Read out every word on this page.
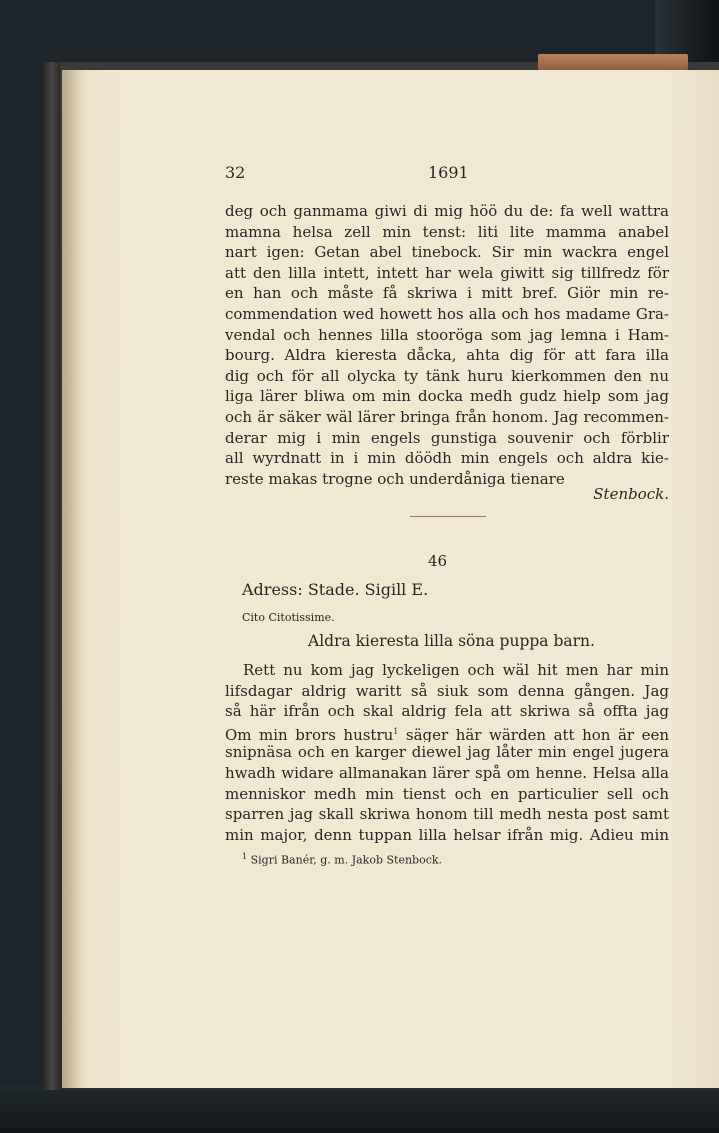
32	1691
deg och ganmama giwi di mig höö du de: fa well wattra
mamna helsa zell min tenst: liti lite mamma anabel
nart igen: Getan abel tinebock. Sir min wackra engel
att den lilla intett, intett har wela giwitt sig tillfredz för
en han och måste få skriwa i mitt bref. Giör min re-
commendation wed howett hos alla och hos madame Gra-
vendal och hennes lilla stooröga som jag lemna i Ham-
bourg. Aldra kieresta dåcka, ahta dig för att fara illa
dig och för all olycka ty tänk huru kierkommen den nu
liga lärer bliwa om min docka medh gudz hielp som jag
och är säker wäl lärer bringa från honom. Jag recommen-
derar mig i min engels gunstiga souvenir och förblir
all wyrdnatt in i min döödh min engels och aldra kie-
reste makas trogne och underdåniga tienare
Stenbock.
46
Adress: Stade. Sigill E.
Cito Citotissime.
Aldra kieresta lilla söna puppa barn.
Rett nu kom jag lyckeligen och wäl hit men har min
lifsdagar aldrig waritt så siuk som denna gången. Jag
så här ifrån och skal aldrig fela att skriwa så offta jag
Om min brors hustru$^1$ säger här wärden att hon är een
snipnäsa och en karger diewel jag låter min engel jugera
hwadh widare allmanakan lärer spå om henne. Helsa alla
menniskor medh min tienst och en particulier sell och
sparren jag skall skriwa honom till medh nesta post samt
min major, denn tuppan lilla helsar ifrån mig. Adieu min
$^1$ Sigri Banér, g. m. Jakob Stenbock.
